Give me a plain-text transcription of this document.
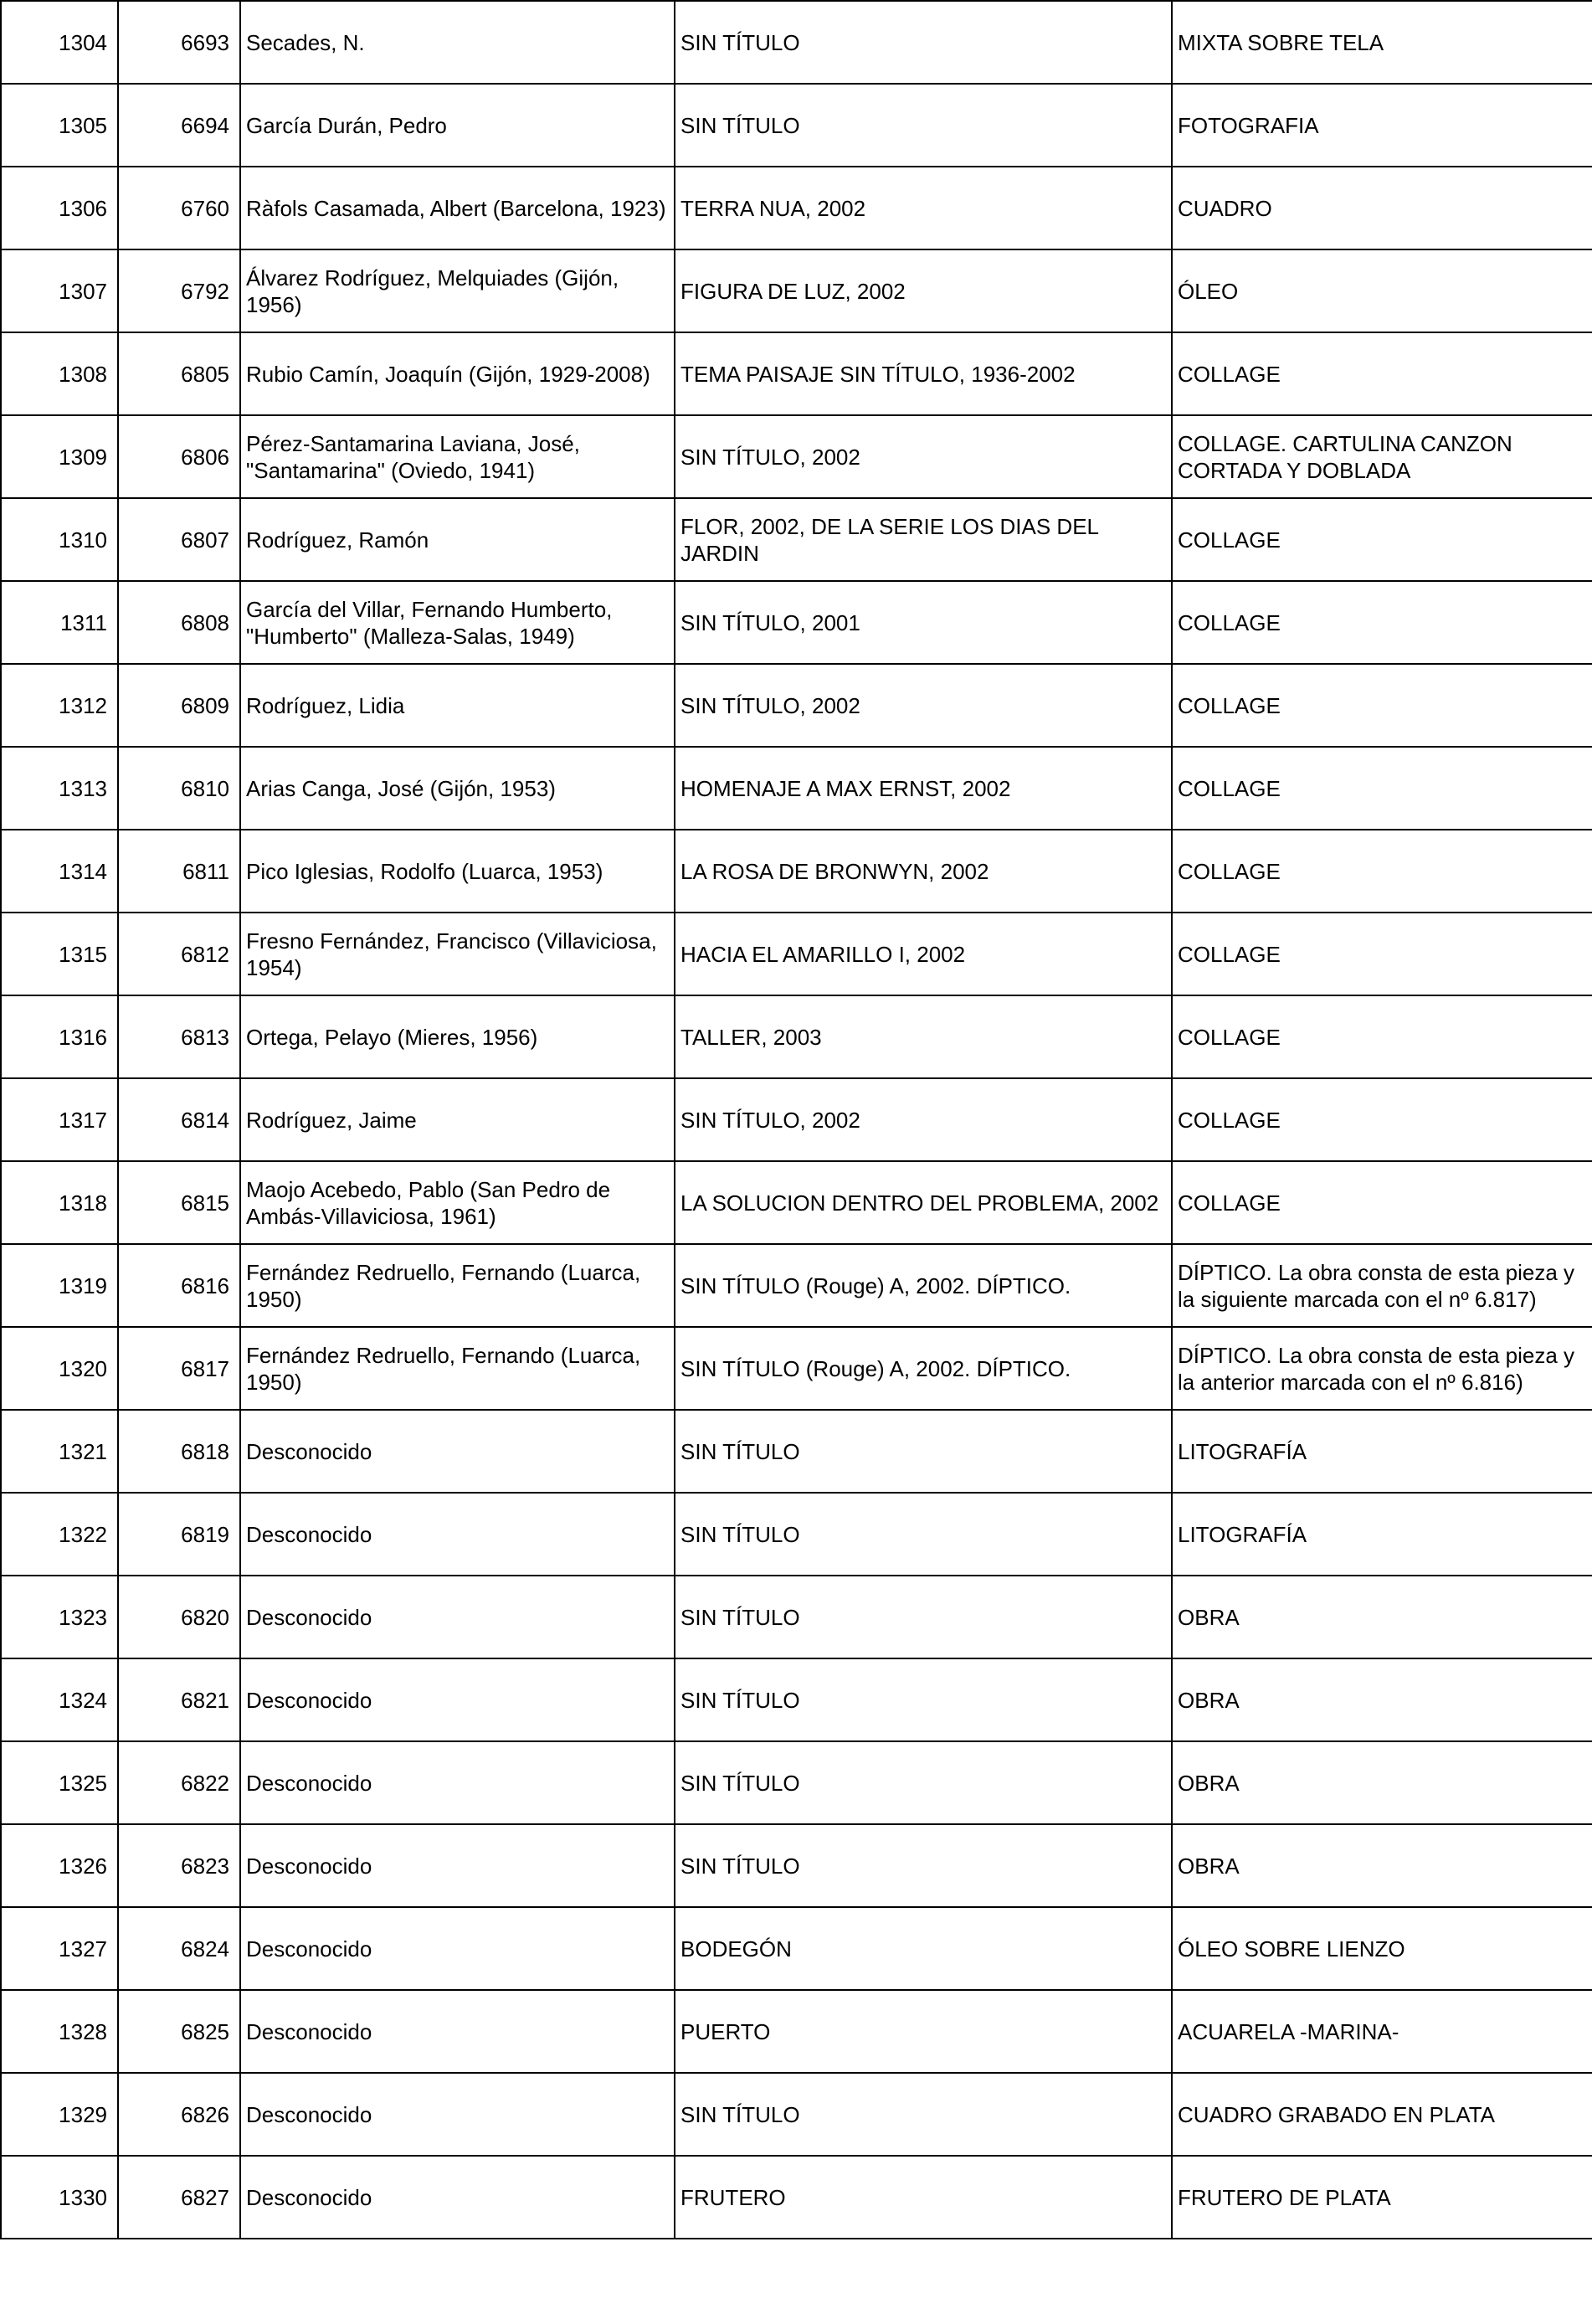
1304	6693	Secades, N.	SIN TÍTULO	MIXTA SOBRE TELA
1305	6694	García Durán, Pedro	SIN TÍTULO	FOTOGRAFIA
1306	6760	Ràfols Casamada, Albert (Barcelona, 1923)	TERRA NUA, 2002	CUADRO
1307	6792	Álvarez Rodríguez, Melquiades (Gijón, 1956)	FIGURA DE LUZ, 2002	ÓLEO
1308	6805	Rubio Camín, Joaquín (Gijón, 1929-2008)	TEMA PAISAJE SIN TÍTULO, 1936-2002	COLLAGE
1309	6806	Pérez-Santamarina Laviana, José, "Santamarina" (Oviedo, 1941)	SIN TÍTULO, 2002	COLLAGE. CARTULINA CANZON CORTADA Y DOBLADA
1310	6807	Rodríguez, Ramón	FLOR, 2002, DE LA SERIE LOS DIAS DEL JARDIN	COLLAGE
1311	6808	García del Villar, Fernando Humberto, "Humberto" (Malleza-Salas, 1949)	SIN TÍTULO, 2001	COLLAGE
1312	6809	Rodríguez, Lidia	SIN TÍTULO, 2002	COLLAGE
1313	6810	Arias Canga, José (Gijón, 1953)	HOMENAJE A MAX ERNST, 2002	COLLAGE
1314	6811	Pico Iglesias, Rodolfo (Luarca, 1953)	LA ROSA DE BRONWYN, 2002	COLLAGE
1315	6812	Fresno Fernández, Francisco (Villaviciosa, 1954)	HACIA EL AMARILLO I, 2002	COLLAGE
1316	6813	Ortega, Pelayo (Mieres, 1956)	TALLER, 2003	COLLAGE
1317	6814	Rodríguez, Jaime	SIN TÍTULO, 2002	COLLAGE
1318	6815	Maojo Acebedo, Pablo (San Pedro de Ambás-Villaviciosa, 1961)	LA SOLUCION DENTRO DEL PROBLEMA, 2002	COLLAGE
1319	6816	Fernández Redruello, Fernando (Luarca, 1950)	SIN TÍTULO (Rouge) A, 2002. DÍPTICO.	DÍPTICO. La obra consta de esta pieza y la siguiente marcada con el nº 6.817)
1320	6817	Fernández Redruello, Fernando (Luarca, 1950)	SIN TÍTULO (Rouge) A, 2002. DÍPTICO.	DÍPTICO. La obra consta de esta pieza y la anterior marcada con el nº 6.816)
1321	6818	Desconocido	SIN TÍTULO	LITOGRAFÍA
1322	6819	Desconocido	SIN TÍTULO	LITOGRAFÍA
1323	6820	Desconocido	SIN TÍTULO	OBRA
1324	6821	Desconocido	SIN TÍTULO	OBRA
1325	6822	Desconocido	SIN TÍTULO	OBRA
1326	6823	Desconocido	SIN TÍTULO	OBRA
1327	6824	Desconocido	BODEGÓN	ÓLEO SOBRE LIENZO
1328	6825	Desconocido	PUERTO	ACUARELA -MARINA-
1329	6826	Desconocido	SIN TÍTULO	CUADRO GRABADO EN PLATA
1330	6827	Desconocido	FRUTERO	FRUTERO DE PLATA
